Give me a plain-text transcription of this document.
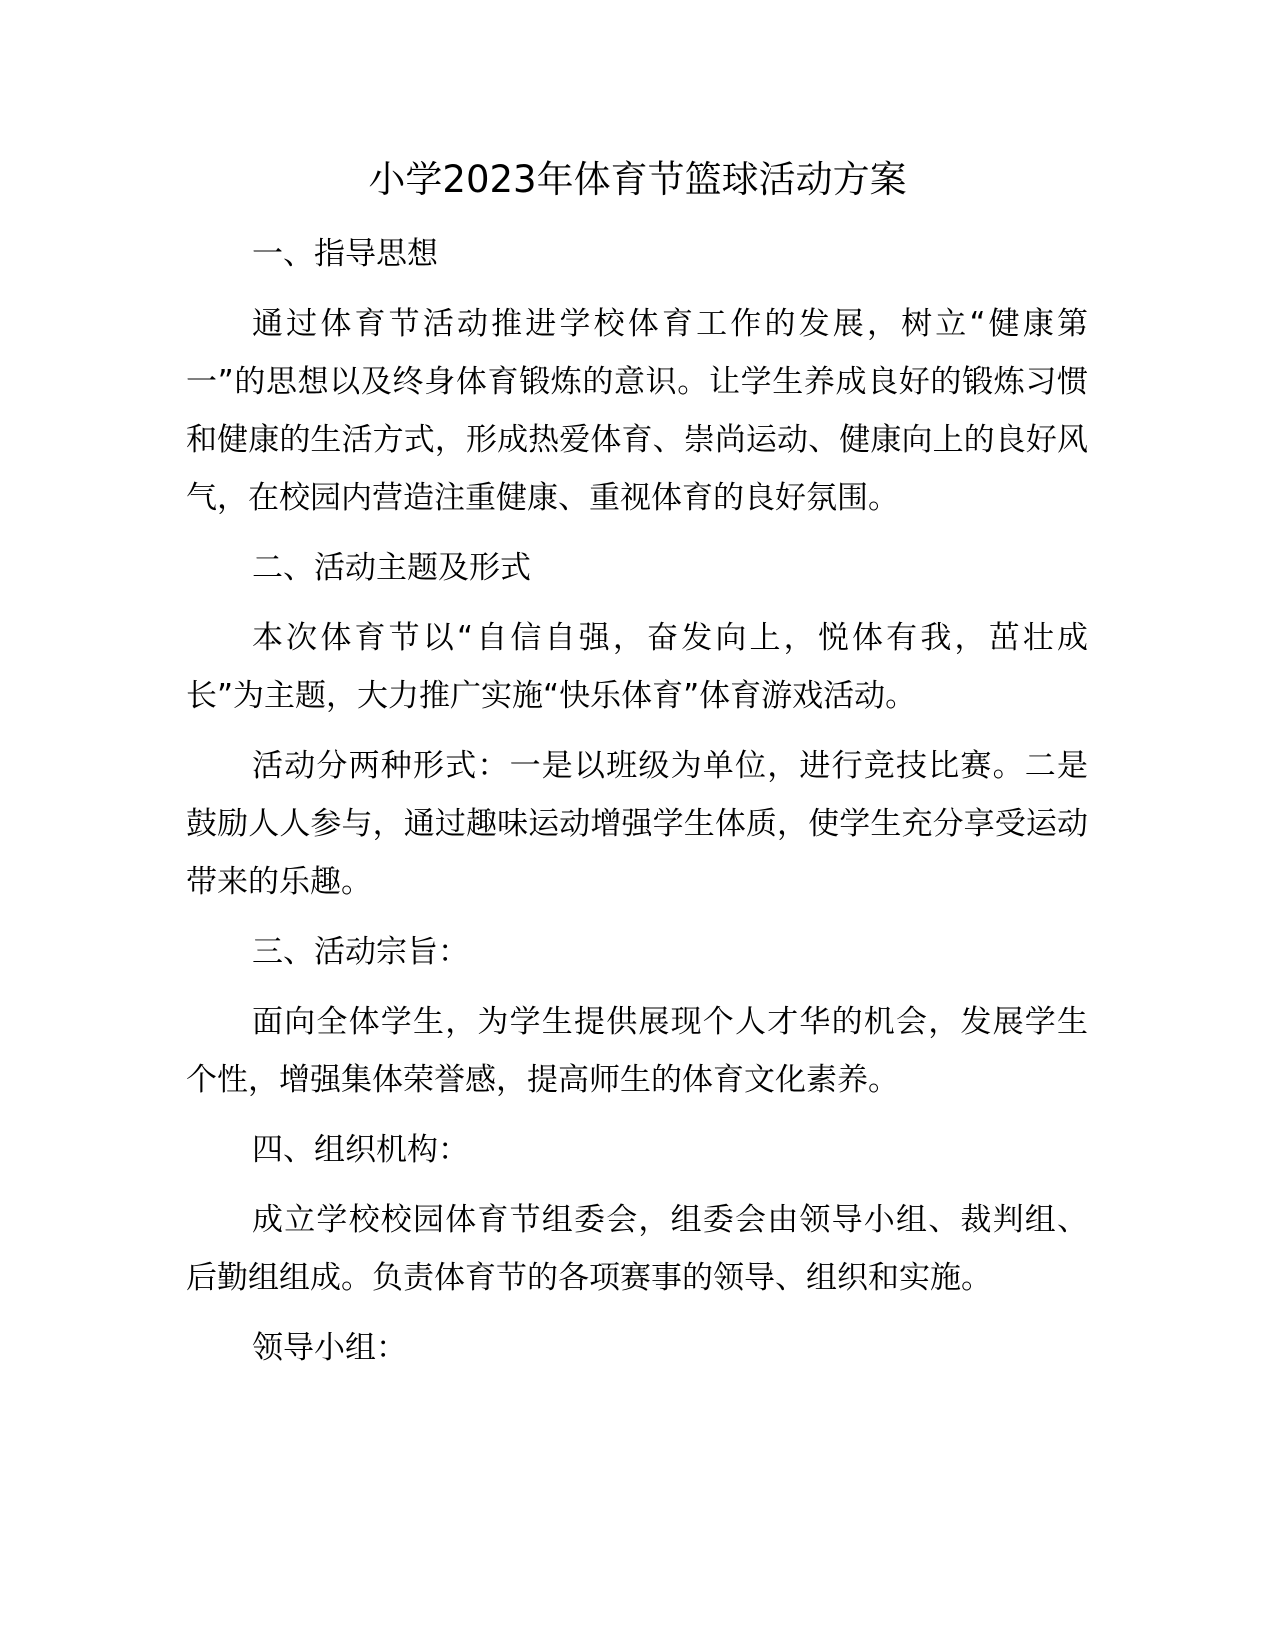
小学2023年体育节篮球活动方案

一、指导思想

通过体育节活动推进学校体育工作的发展，树立“健康第一”的思想以及终身体育锻炼的意识。让学生养成良好的锻炼习惯和健康的生活方式，形成热爱体育、崇尚运动、健康向上的良好风气，在校园内营造注重健康、重视体育的良好氛围。

二、活动主题及形式

本次体育节以“自信自强，奋发向上，悦体有我，茁壮成长”为主题，大力推广实施“快乐体育”体育游戏活动。

活动分两种形式：一是以班级为单位，进行竞技比赛。二是鼓励人人参与，通过趣味运动增强学生体质，使学生充分享受运动带来的乐趣。

三、活动宗旨：

面向全体学生，为学生提供展现个人才华的机会，发展学生个性，增强集体荣誉感，提高师生的体育文化素养。

四、组织机构：

成立学校校园体育节组委会，组委会由领导小组、裁判组、后勤组组成。负责体育节的各项赛事的领导、组织和实施。

领导小组：
